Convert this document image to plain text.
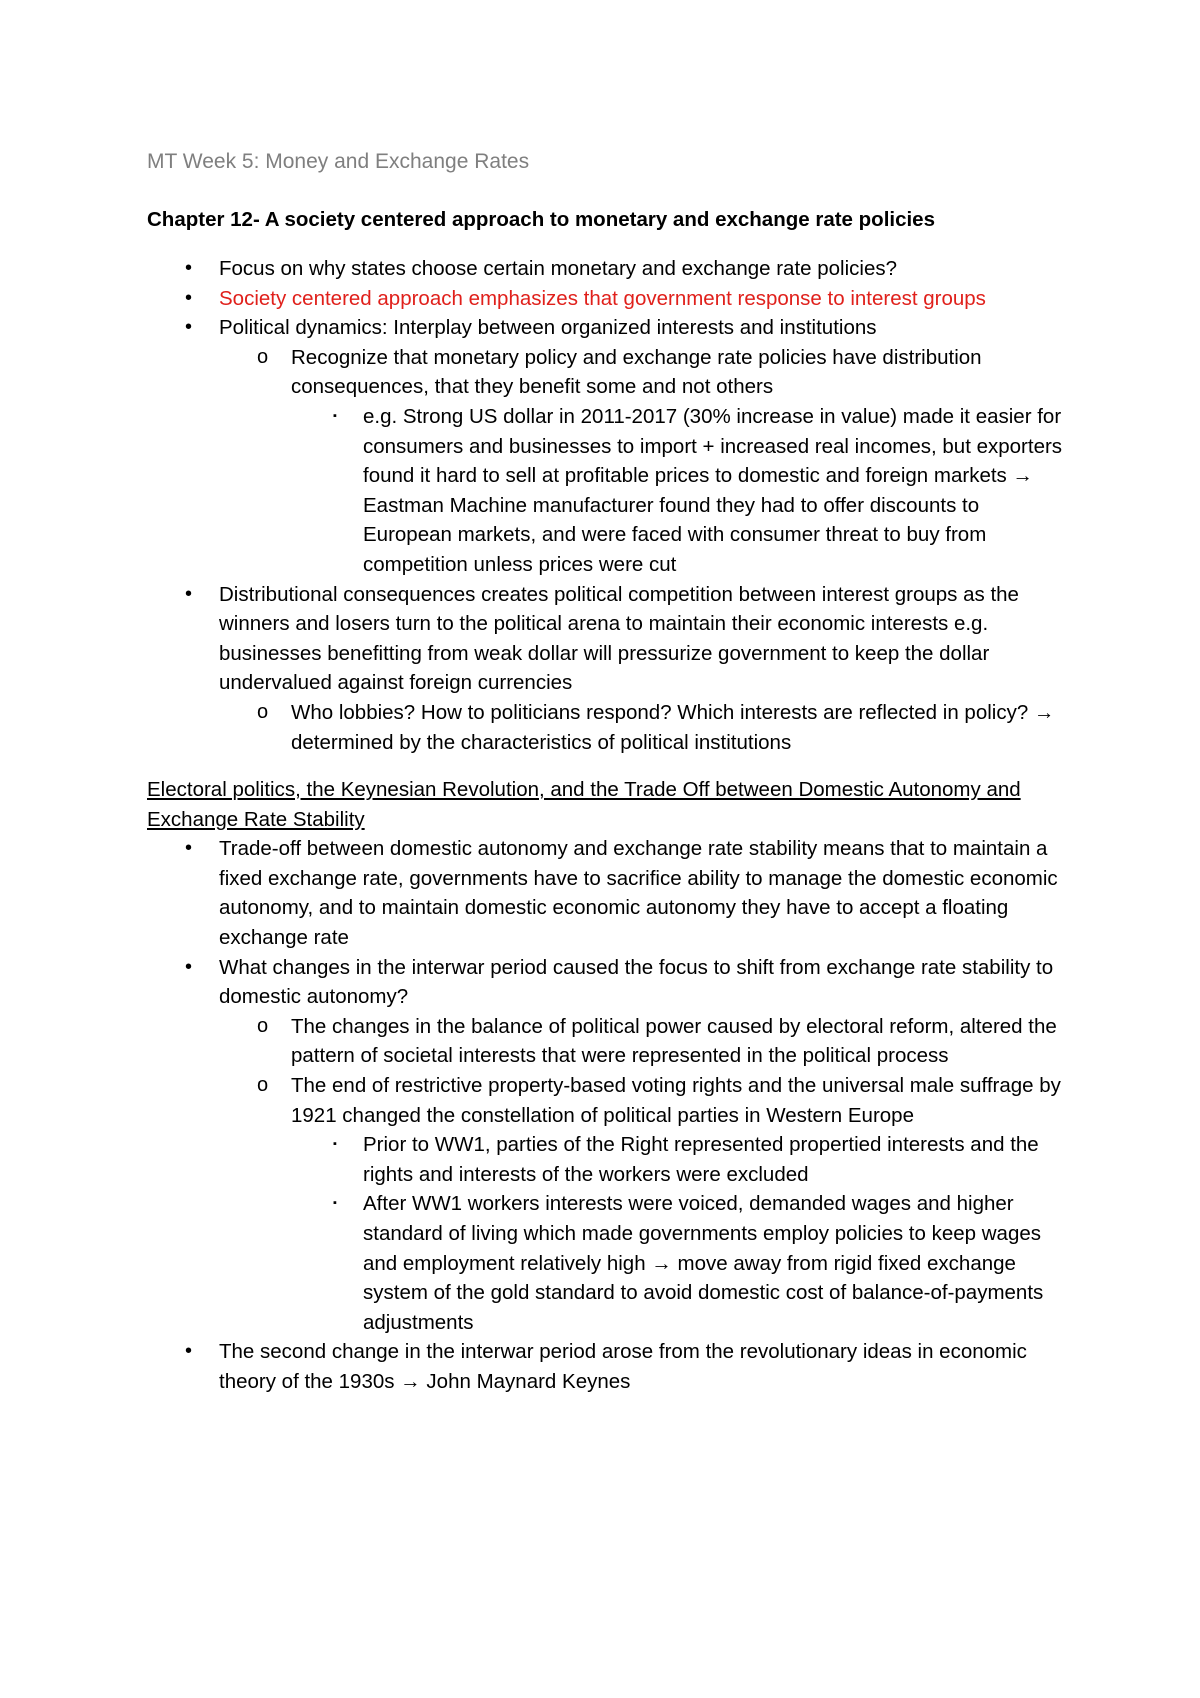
MT Week 5: Money and Exchange Rates
Chapter 12- A society centered approach to monetary and exchange rate policies
• Focus on why states choose certain monetary and exchange rate policies?
• Society centered approach emphasizes that government response to interest groups
• Political dynamics: Interplay between organized interests and institutions
o Recognize that monetary policy and exchange rate policies have distribution consequences, that they benefit some and not others
▪ e.g. Strong US dollar in 2011-2017 (30% increase in value) made it easier for consumers and businesses to import + increased real incomes, but exporters found it hard to sell at profitable prices to domestic and foreign markets → Eastman Machine manufacturer found they had to offer discounts to European markets, and were faced with consumer threat to buy from competition unless prices were cut
• Distributional consequences creates political competition between interest groups as the winners and losers turn to the political arena to maintain their economic interests e.g. businesses benefitting from weak dollar will pressurize government to keep the dollar undervalued against foreign currencies
o Who lobbies? How to politicians respond? Which interests are reflected in policy? → determined by the characteristics of political institutions
Electoral politics, the Keynesian Revolution, and the Trade Off between Domestic Autonomy and Exchange Rate Stability
• Trade-off between domestic autonomy and exchange rate stability means that to maintain a fixed exchange rate, governments have to sacrifice ability to manage the domestic economic autonomy, and to maintain domestic economic autonomy they have to accept a floating exchange rate
• What changes in the interwar period caused the focus to shift from exchange rate stability to domestic autonomy?
o The changes in the balance of political power caused by electoral reform, altered the pattern of societal interests that were represented in the political process
o The end of restrictive property-based voting rights and the universal male suffrage by 1921 changed the constellation of political parties in Western Europe
▪ Prior to WW1, parties of the Right represented propertied interests and the rights and interests of the workers were excluded
▪ After WW1 workers interests were voiced, demanded wages and higher standard of living which made governments employ policies to keep wages and employment relatively high → move away from rigid fixed exchange system of the gold standard to avoid domestic cost of balance-of-payments adjustments
• The second change in the interwar period arose from the revolutionary ideas in economic theory of the 1930s → John Maynard Keynes
